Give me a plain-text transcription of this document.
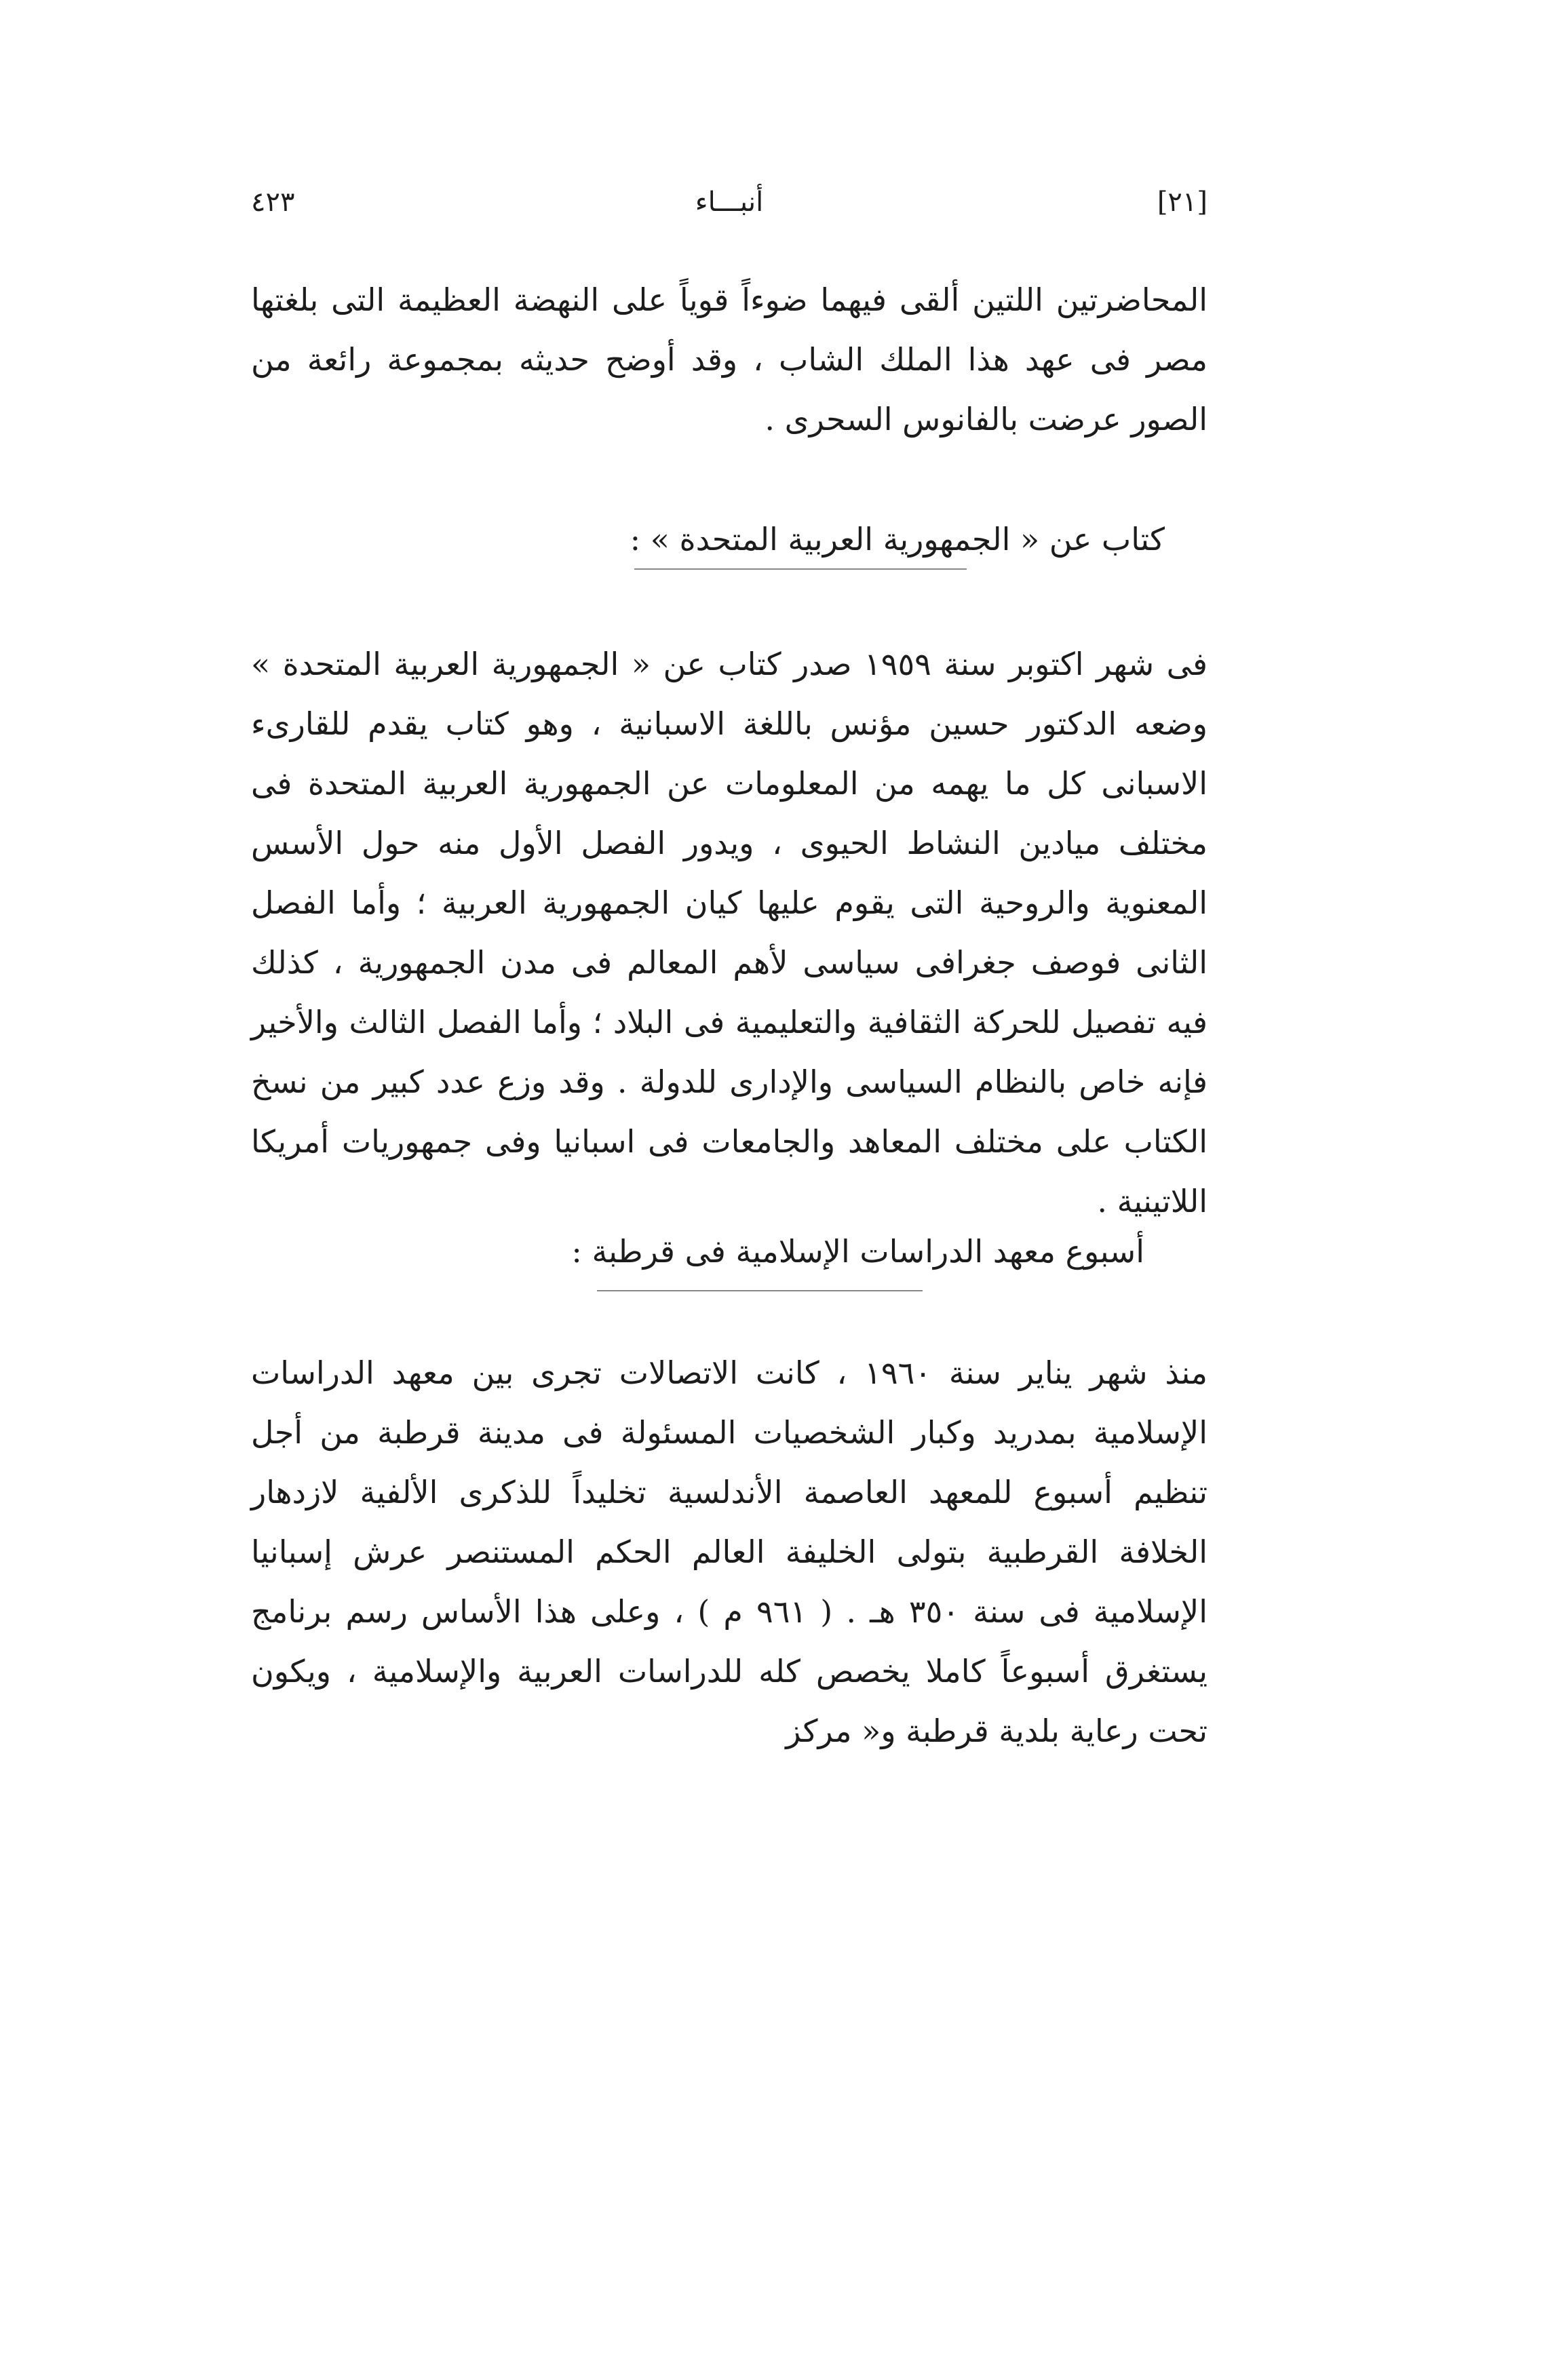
[٢١]
أنبـــاء
٤٢٣

المحاضرتين اللتين ألقى فيهما ضوءاً قوياً على النهضة العظيمة التى بلغتها مصر فى عهد هذا الملك الشاب ، وقد أوضح حديثه بمجموعة رائعة من الصور عرضت بالفانوس السحرى .

كتاب عن « الجمهورية العربية المتحدة » :

فى شهر اكتوبر سنة ١٩٥٩ صدر كتاب عن « الجمهورية العربية المتحدة » وضعه الدكتور حسين مؤنس باللغة الاسبانية ، وهو كتاب يقدم للقارىء الاسبانى كل ما يهمه من المعلومات عن الجمهورية العربية المتحدة فى مختلف ميادين النشاط الحيوى ، ويدور الفصل الأول منه حول الأسس المعنوية والروحية التى يقوم عليها كيان الجمهورية العربية ؛ وأما الفصل الثانى فوصف جغرافى سياسى لأهم المعالم فى مدن الجمهورية ، كذلك فيه تفصيل للحركة الثقافية والتعليمية فى البلاد ؛ وأما الفصل الثالث والأخير فإنه خاص بالنظام السياسى والإدارى للدولة . وقد وزع عدد كبير من نسخ الكتاب على مختلف المعاهد والجامعات فى اسبانيا وفى جمهوريات أمريكا اللاتينية .

أسبوع معهد الدراسات الإسلامية فى قرطبة :

منذ شهر يناير سنة ١٩٦٠ ، كانت الاتصالات تجرى بين معهد الدراسات الإسلامية بمدريد وكبار الشخصيات المسئولة فى مدينة قرطبة من أجل تنظيم أسبوع للمعهد العاصمة الأندلسية تخليداً للذكرى الألفية لازدهار الخلافة القرطبية بتولى الخليفة العالم الحكم المستنصر عرش إسبانيا الإسلامية فى سنة ٣٥٠ هـ . ( ٩٦١ م ) ، وعلى هذا الأساس رسم برنامج يستغرق أسبوعاً كاملا يخصص كله للدراسات العربية والإسلامية ، ويكون تحت رعاية بلدية قرطبة و« مركز
